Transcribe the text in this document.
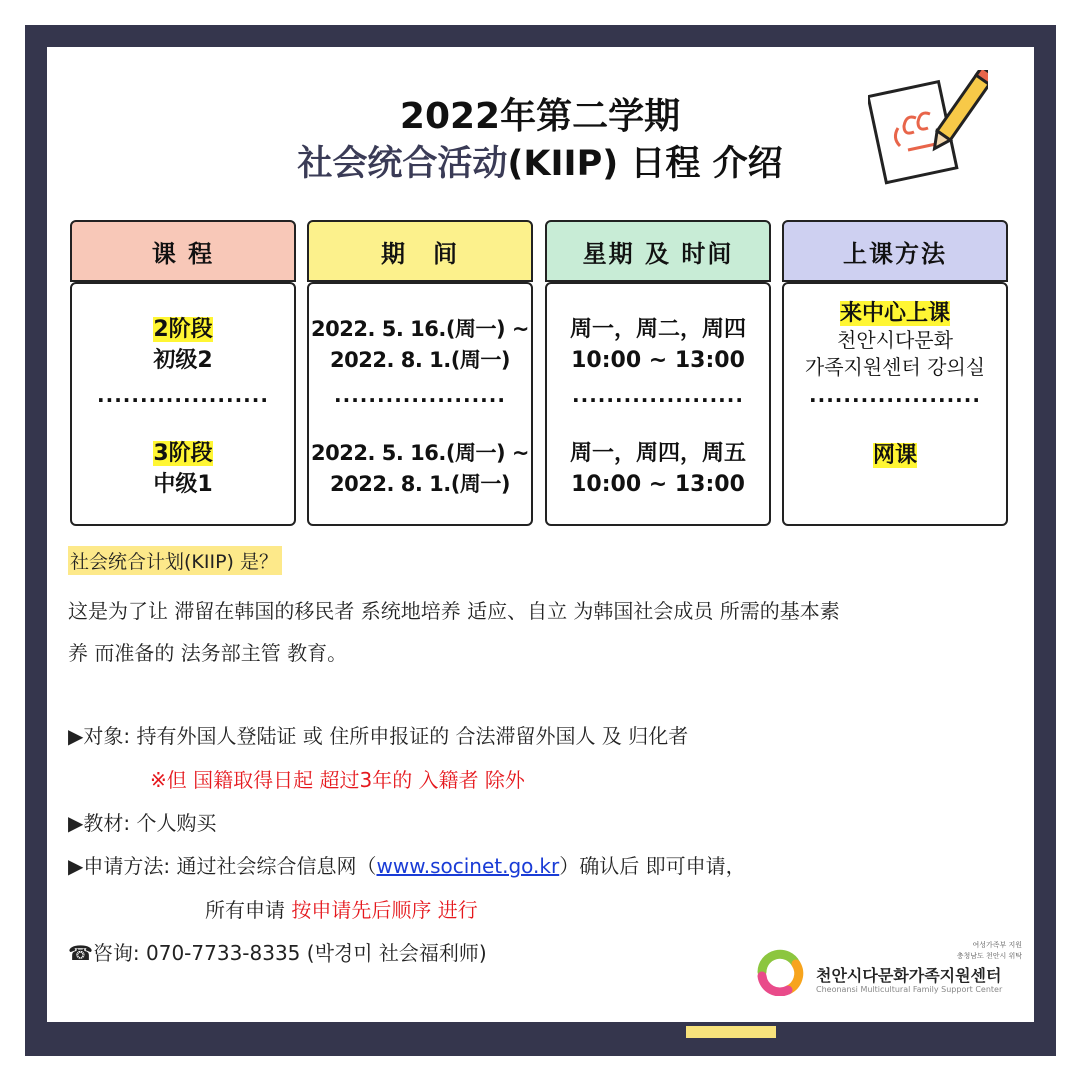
2022年第二学期
社会统合活动(KIIP) 日程 介绍
课 程
2阶段
初级2
····················
3阶段
中级1
期　间
2022. 5. 16.(周一) ~
2022. 8. 1.(周一)
····················
2022. 5. 16.(周一) ~
2022. 8. 1.(周一)
星期 及 时间
周一，周二，周四
10:00 ~ 13:00
····················
周一，周四，周五
10:00 ~ 13:00
上课方法
来中心上课
천안시다문화
가족지원센터 강의실
····················
网课
社会统合计划(KIIP) 是？
这是为了让 滞留在韩国的移民者 系统地培养 适应、自立 为韩国社会成员 所需的基本素
养 而准备的 法务部主管 教育。
▶对象: 持有外国人登陆证 或 住所申报证的 合法滞留外国人 及 归化者
※但 国籍取得日起 超过3年的 入籍者 除外
▶教材: 个人购买
▶申请方法: 通过社会综合信息网（www.socinet.go.kr）确认后 即可申请，
所有申请 按申请先后顺序 进行
☎咨询: 070-7733-8335 (박경미 社会福利师)	여성가족부 지원
충청남도 천안시 위탁
천안시다문화가족지원센터
Cheonansi Multicultural Family Support Center
